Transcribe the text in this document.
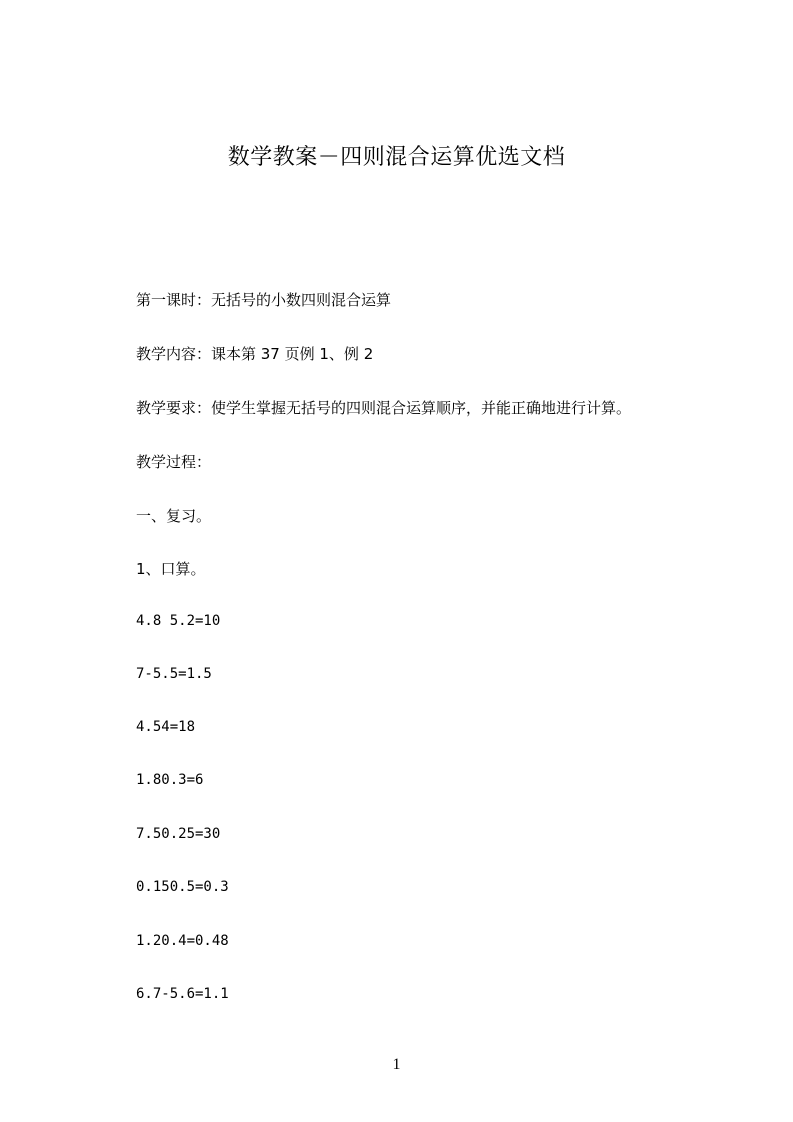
数学教案－四则混合运算优选文档
第一课时：无括号的小数四则混合运算
教学内容：课本第 37 页例 1、例 2
教学要求：使学生掌握无括号的四则混合运算顺序，并能正确地进行计算。
教学过程：
一、复习。
1、口算。
4.8 5.2=10
7-5.5=1.5
4.54=18
1.80.3=6
7.50.25=30
0.150.5=0.3
1.20.4=0.48
6.7-5.6=1.1
1
